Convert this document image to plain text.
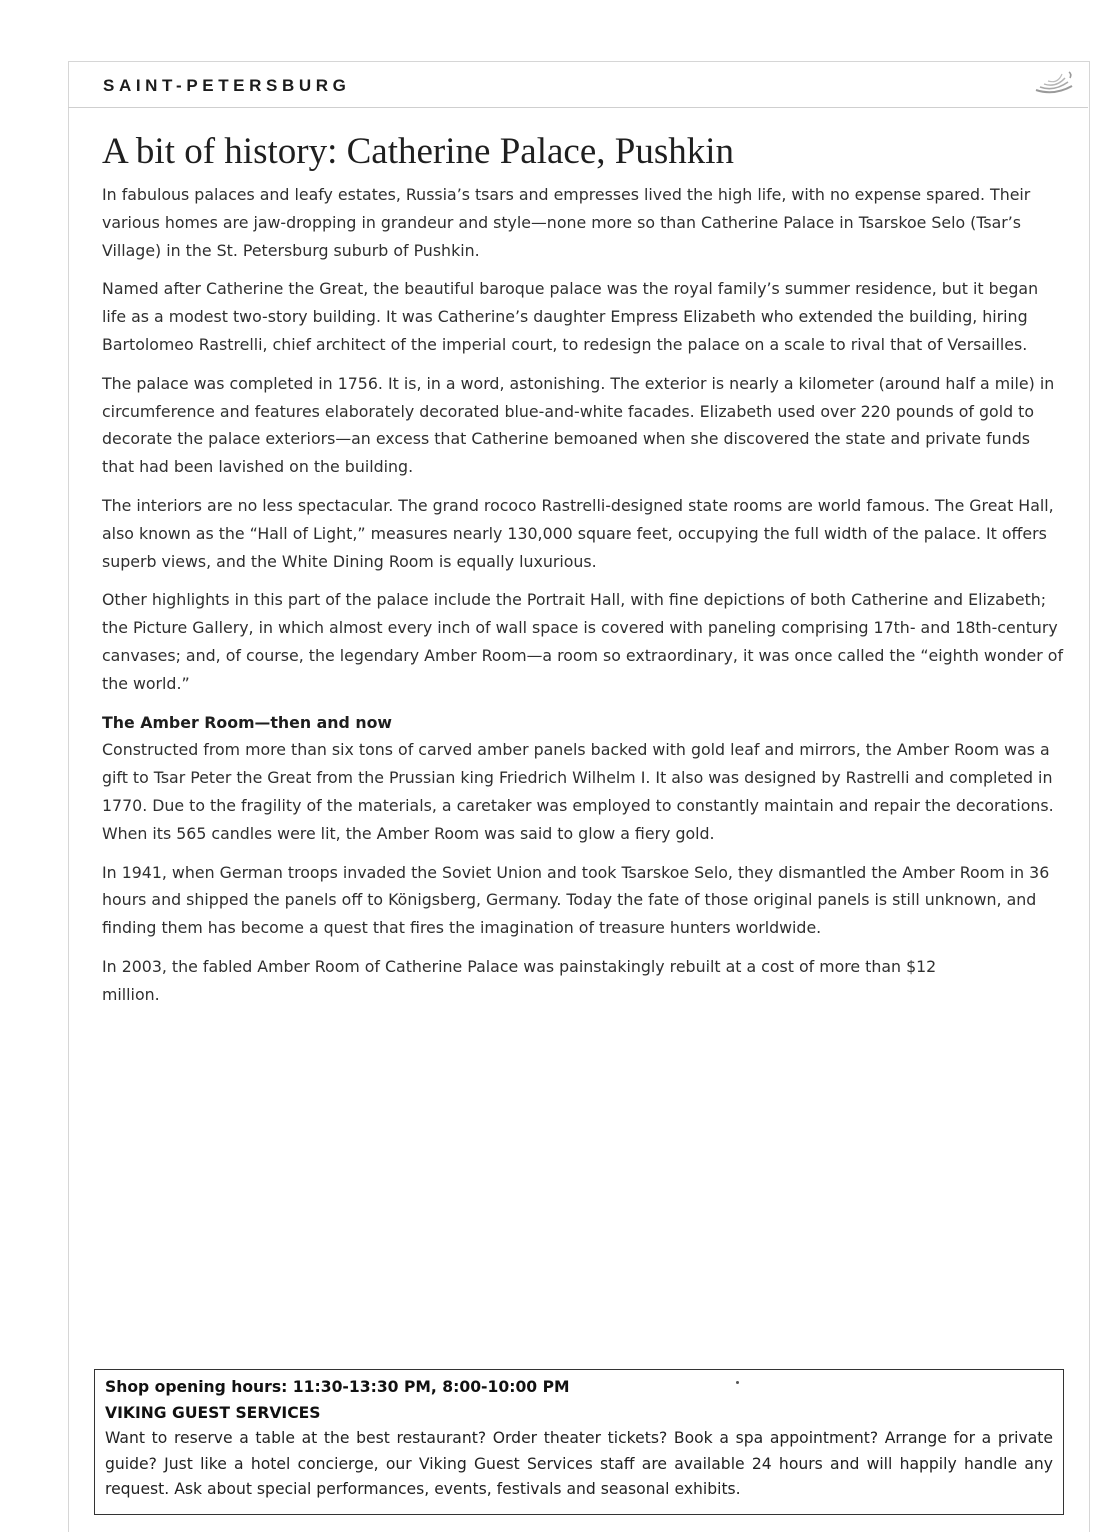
SAINT-PETERSBURG
A bit of history: Catherine Palace, Pushkin

In fabulous palaces and leafy estates, Russia’s tsars and empresses lived the high life, with no expense spared. Their various homes are jaw-dropping in grandeur and style—none more so than Catherine Palace in Tsarskoe Selo (Tsar’s Village) in the St. Petersburg suburb of Pushkin.

Named after Catherine the Great, the beautiful baroque palace was the royal family’s summer residence, but it began life as a modest two-story building. It was Catherine’s daughter Empress Elizabeth who extended the building, hiring Bartolomeo Rastrelli, chief architect of the imperial court, to redesign the palace on a scale to rival that of Versailles.

The palace was completed in 1756. It is, in a word, astonishing. The exterior is nearly a kilometer (around half a mile) in circumference and features elaborately decorated blue-and-white facades. Elizabeth used over 220 pounds of gold to decorate the palace exteriors—an excess that Catherine bemoaned when she discovered the state and private funds that had been lavished on the building.

The interiors are no less spectacular. The grand rococo Rastrelli-designed state rooms are world famous. The Great Hall, also known as the “Hall of Light,” measures nearly 130,000 square feet, occupying the full width of the palace. It offers superb views, and the White Dining Room is equally luxurious.

Other highlights in this part of the palace include the Portrait Hall, with fine depictions of both Catherine and Elizabeth; the Picture Gallery, in which almost every inch of wall space is covered with paneling comprising 17th- and 18th-century canvases; and, of course, the legendary Amber Room—a room so extraordinary, it was once called the “eighth wonder of the world.”

The Amber Room—then and now

Constructed from more than six tons of carved amber panels backed with gold leaf and mirrors, the Amber Room was a gift to Tsar Peter the Great from the Prussian king Friedrich Wilhelm I. It also was designed by Rastrelli and completed in 1770. Due to the fragility of the materials, a caretaker was employed to constantly maintain and repair the decorations. When its 565 candles were lit, the Amber Room was said to glow a fiery gold.

In 1941, when German troops invaded the Soviet Union and took Tsarskoe Selo, they dismantled the Amber Room in 36 hours and shipped the panels off to Königsberg, Germany. Today the fate of those original panels is still unknown, and finding them has become a quest that fires the imagination of treasure hunters worldwide.

In 2003, the fabled Amber Room of Catherine Palace was painstakingly rebuilt at a cost of more than $12 million.

Shop opening hours: 11:30-13:30 PM, 8:00-10:00 PM
VIKING GUEST SERVICES
Want to reserve a table at the best restaurant? Order theater tickets? Book a spa appointment? Arrange for a private guide? Just like a hotel concierge, our Viking Guest Services staff are available 24 hours and will happily handle any request. Ask about special performances, events, festivals and seasonal exhibits.
